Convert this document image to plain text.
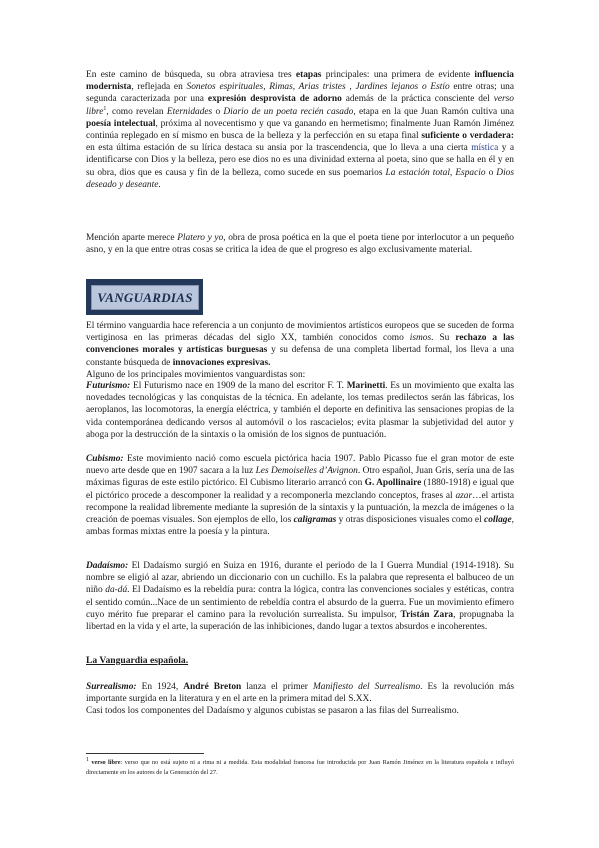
En este camino de búsqueda, su obra atraviesa tres etapas principales: una primera de evidente influencia modernista, reflejada en Sonetos espirituales, Rimas, Arias tristes , Jardines lejanos o Estío entre otras; una segunda caracterizada por una expresión desprovista de adorno además de la práctica consciente del verso libre$^1$, como revelan Eternidades o Diario de un poeta recién casado, etapa en la que Juan Ramón cultiva una poesía intelectual, próxima al novecentismo y que va ganando en hermetismo; finalmente Juan Ramón Jiménez continúa replegado en sí mismo en busca de la belleza y la perfección en su etapa final suficiente o verdadera: en esta última estación de su lírica destaca su ansia por la trascendencia, que lo lleva a una cierta mística y a identificarse con Dios y la belleza, pero ese dios no es una divinidad externa al poeta, sino que se halla en él y en su obra, dios que es causa y fin de la belleza, como sucede en sus poemarios La estación total, Espacio o Dios deseado y deseante.

Mención aparte merece Platero y yo, obra de prosa poética en la que el poeta tiene por interlocutor a un pequeño asno, y en la que entre otras cosas se critica la idea de que el progreso es algo exclusivamente material.

VANGUARDIAS

El término vanguardia hace referencia a un conjunto de movimientos artísticos europeos que se suceden de forma vertiginosa en las primeras décadas del siglo XX, también conocidos como ismos. Su rechazo a las convenciones morales y artísticas burguesas y su defensa de una completa libertad formal, los lleva a una constante búsqueda de innovaciones expresivas.
Alguno de los principales movimientos vanguardistas son:

Futurismo: El Futurismo nace en 1909 de la mano del escritor F. T. Marinetti. Es un movimiento que exalta las novedades tecnológicas y las conquistas de la técnica. En adelante, los temas predilectos serán las fábricas, los aeroplanos, las locomotoras, la energía eléctrica, y también el deporte en definitiva las sensaciones propias de la vida contemporánea dedicando versos al automóvil o los rascacielos; evita plasmar la subjetividad del autor y aboga por la destrucción de la sintaxis o la omisión de los signos de puntuación.

Cubismo: Este movimiento nació como escuela pictórica hacia 1907. Pablo Picasso fue el gran motor de este nuevo arte desde que en 1907 sacara a la luz Les Demoiselles d’Avignon. Otro español, Juan Gris, sería una de las máximas figuras de este estilo pictórico. El Cubismo literario arrancó con G. Apollinaire (1880-1918) e igual que el pictórico procede a descomponer la realidad y a recomponerla mezclando conceptos, frases al azar…el artista recompone la realidad libremente mediante la supresión de la sintaxis y la puntuación, la mezcla de imágenes o la creación de poemas visuales. Son ejemplos de ello, los caligramas y otras disposiciones visuales como el collage, ambas formas mixtas entre la poesía y la pintura.

Dadaísmo: El Dadaísmo surgió en Suiza en 1916, durante el periodo de la I Guerra Mundial (1914-1918). Su nombre se eligió al azar, abriendo un diccionario con un cuchillo. Es la palabra que representa el balbuceo de un niño da-dá. El Dadaísmo es la rebeldía pura: contra la lógica, contra las convenciones sociales y estéticas, contra el sentido común...Nace de un sentimiento de rebeldía contra el absurdo de la guerra. Fue un movimiento efímero cuyo mérito fue preparar el camino para la revolución surrealista. Su impulsor, Tristán Zara, propugnaba la libertad en la vida y el arte, la superación de las inhibiciones, dando lugar a textos absurdos e incoherentes.

La Vanguardia española.

Surrealismo: En 1924, André Breton lanza el primer Manifiesto del Surrealismo. Es la revolución más importante surgida en la literatura y en el arte en la primera mitad del S.XX.
Casi todos los componentes del Dadaísmo y algunos cubistas se pasaron a las filas del Surrealismo.

1 verso libre: verso que no está sujeto ni a rima ni a medida. Esta modalidad francesa fue introducida por Juan Ramón Jiménez en la literatura española e influyó directamente en los autores de la Generación del 27.
